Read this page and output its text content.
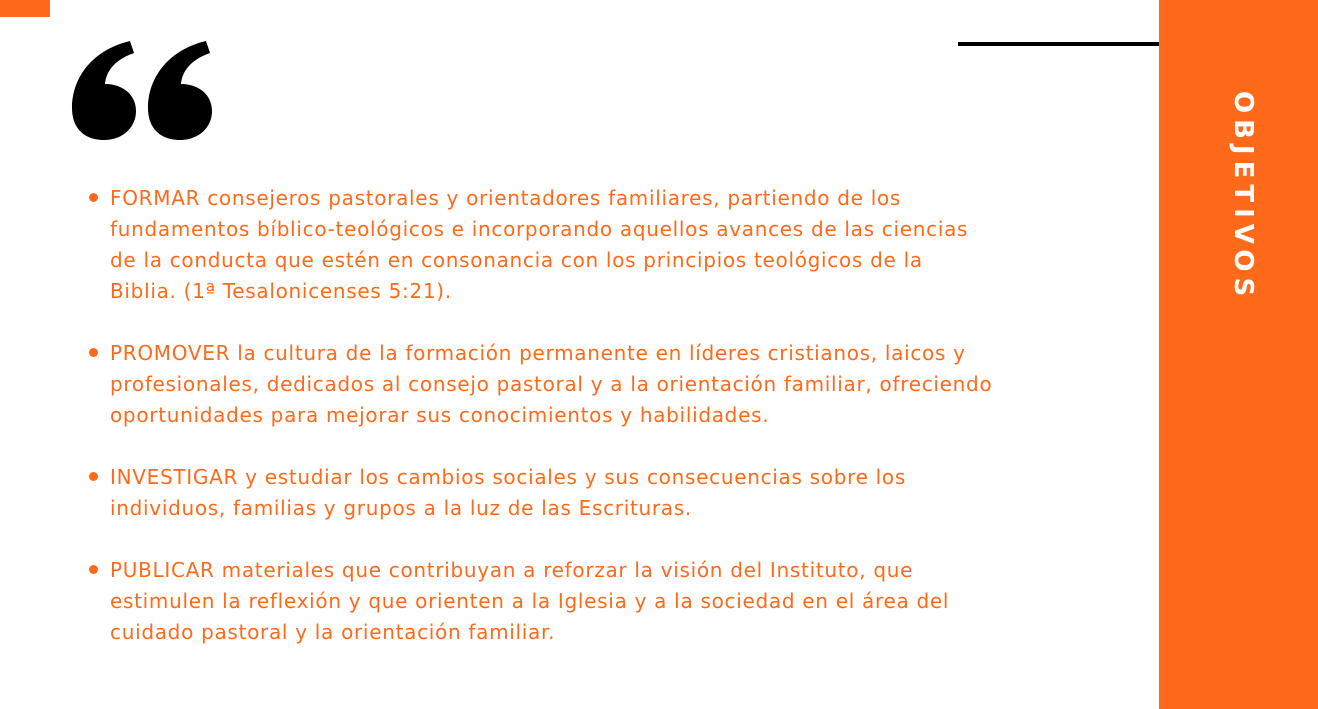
OBJETIVOS
FORMAR consejeros pastorales y orientadores familiares, partiendo de los fundamentos bíblico-teológicos e incorporando aquellos avances de las ciencias de la conducta que estén en consonancia con los principios teológicos de la Biblia. (1ª Tesalonicenses 5:21).
PROMOVER la cultura de la formación permanente en líderes cristianos, laicos y profesionales, dedicados al consejo pastoral y a la orientación familiar, ofreciendo oportunidades para mejorar sus conocimientos y habilidades.
INVESTIGAR y estudiar los cambios sociales y sus consecuencias sobre los individuos, familias y grupos a la luz de las Escrituras.
PUBLICAR materiales que contribuyan a reforzar la visión del Instituto, que estimulen la reflexión y que orienten a la Iglesia y a la sociedad en el área del cuidado pastoral y la orientación familiar.
